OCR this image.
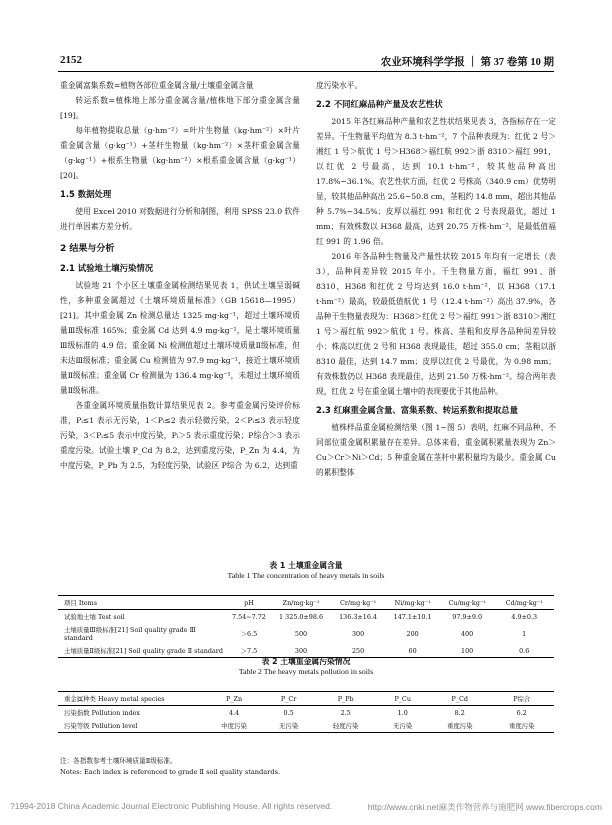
2152	农业环境科学学报 ｜ 第 37 卷第 10 期

重金属富集系数=植物各部位重金属含量/土壤重金属含量

转运系数=植株地上部分重金属含量/植株地下部分重金属含量[19]。

每年植物提取总量（g·hm⁻²）=叶片生物量（kg·hm⁻²）×叶片重金属含量（g·kg⁻¹）+茎秆生物量（kg·hm⁻²）×茎秆重金属含量（g·kg⁻¹）+根系生物量（kg·hm⁻²）×根系重金属含量（g·kg⁻¹）[20]。

1.5 数据处理

使用 Excel 2010 对数据进行分析和制图，利用 SPSS 23.0 软件进行单因素方差分析。

2 结果与分析

2.1 试验地土壤污染情况

试验地 21 个小区土壤重金属检测结果见表 1，供试土壤呈弱碱性，多种重金属超过《土壤环境质量标准》（GB 15618—1995）[21]。其中重金属 Zn 检测总量达 1325 mg·kg⁻¹，超过土壤环境质量Ⅲ级标准 165%；重金属 Cd 达到 4.9 mg·kg⁻¹，是土壤环境质量Ⅲ级标准的 4.9 倍；重金属 Ni 检测值超过土壤环境质量Ⅱ级标准，但未达Ⅲ级标准；重金属 Cu 检测值为 97.9 mg·kg⁻¹，接近土壤环境质量Ⅱ级标准；重金属 Cr 检测量为 136.4 mg·kg⁻¹，未超过土壤环境质量Ⅱ级标准。

各重金属环境质量指数计算结果见表 2。参考重金属污染评价标准，Pᵢ≤1 表示无污染，1＜Pᵢ≤2 表示轻微污染，2＜Pᵢ≤3 表示轻度污染，3＜Pᵢ≤5 表示中度污染，Pᵢ＞5 表示重度污染；P综合＞3 表示重度污染。试验土壤 P_Cd 为 8.2，达到重度污染，P_Zn 为 4.4，为中度污染，P_Pb 为 2.5，为轻度污染，试验区 P综合 为 6.2，达到重

度污染水平。

2.2 不同红麻品种产量及农艺性状

2015 年各红麻品种产量和农艺性状结果见表 3，各指标存在一定差异。干生物量平均值为 8.3 t·hm⁻²，7 个品种表现为：红优 2 号＞湘红 1 号＞航优 1 号＞H368＞福红航 992＞浙 8310＞福红 991，以红优 2 号最高，达到 10.1 t·hm⁻²，较其他品种高出 17.8%~36.1%。农艺性状方面，红优 2 号株高（340.9 cm）优势明显，较其他品种高出 25.6~50.8 cm，茎粗约 14.8 mm，超出其他品种 5.7%~34.5%；皮厚以福红 991 和红优 2 号表现最优，超过 1 mm；有效株数以 H368 最高，达到 20.75 万株·hm⁻²，是最低值福红 991 的 1.96 倍。

2016 年各品种生物量及产量性状较 2015 年均有一定增长（表 3），品种间差异较 2015 年小。干生物量方面，福红 991、浙 8310、H368 和红优 2 号均达到 16.0 t·hm⁻²，以 H368（17.1 t·hm⁻²）最高，较最低值航优 1 号（12.4 t·hm⁻²）高出 37.9%，各品种干生物量表现为：H368＞红优 2 号＞福红 991＞浙 8310＞湘红 1 号＞福红航 992＞航优 1 号。株高、茎粗和皮厚各品种间差异较小：株高以红优 2 号和 H368 表现最佳，超过 355.0 cm；茎粗以浙 8310 最佳，达到 14.7 mm；皮厚以红优 2 号最优，为 0.98 mm；有效株数仍以 H368 表现最佳，达到 21.50 万株·hm⁻²。综合两年表现，红优 2 号在重金属土壤中的表现要优于其他品种。

2.3 红麻重金属含量、富集系数、转运系数和提取总量

植株样品重金属检测结果（图 1~图 5）表明，红麻不同品种、不同部位重金属积累量存在差异。总体来看，重金属积累量表现为 Zn＞Cu＞Cr＞Ni＞Cd；5 种重金属在茎秆中累积量均为最少。重金属 Cu 的累积整体

表 1 土壤重金属含量
Table 1 The concentration of heavy metals in soils
项目 Items	pH	Zn/mg·kg⁻¹	Cr/mg·kg⁻¹	Ni/mg·kg⁻¹	Cu/mg·kg⁻¹	Cd/mg·kg⁻¹
试验地土壤 Test soil	7.54~7.72	1 325.0±98.6	136.3±16.4	147.1±10.1	97.9±9.0	4.9±0.3
土壤质量Ⅲ级标准[21] Soil quality grade Ⅲ standard	＞6.5	500	300	200	400	1
土壤质量Ⅱ级标准[21] Soil quality grade Ⅱ standard	＞7.5	300	250	60	100	0.6
表 2 土壤重金属污染情况
Table 2 The heavy metals pollution in soils
重金属种类 Heavy metal species	P_Zn	P_Cr	P_Pb	P_Cu	P_Cd	P综合
污染指数 Pollution index	4.4	0.5	2.5	1.0	8.2	6.2
污染等级 Pollution level	中度污染	无污染	轻度污染	无污染	重度污染	重度污染
注：各指数参考土壤环境质量Ⅱ级标准。
Notes: Each index is referenced to grade Ⅱ soil quality standards.
?1994-2018 China Academic Journal Electronic Publishing House. All rights reserved.	http://www.cnki.net麻类作物营养与施肥网 www.fibercrops.com
